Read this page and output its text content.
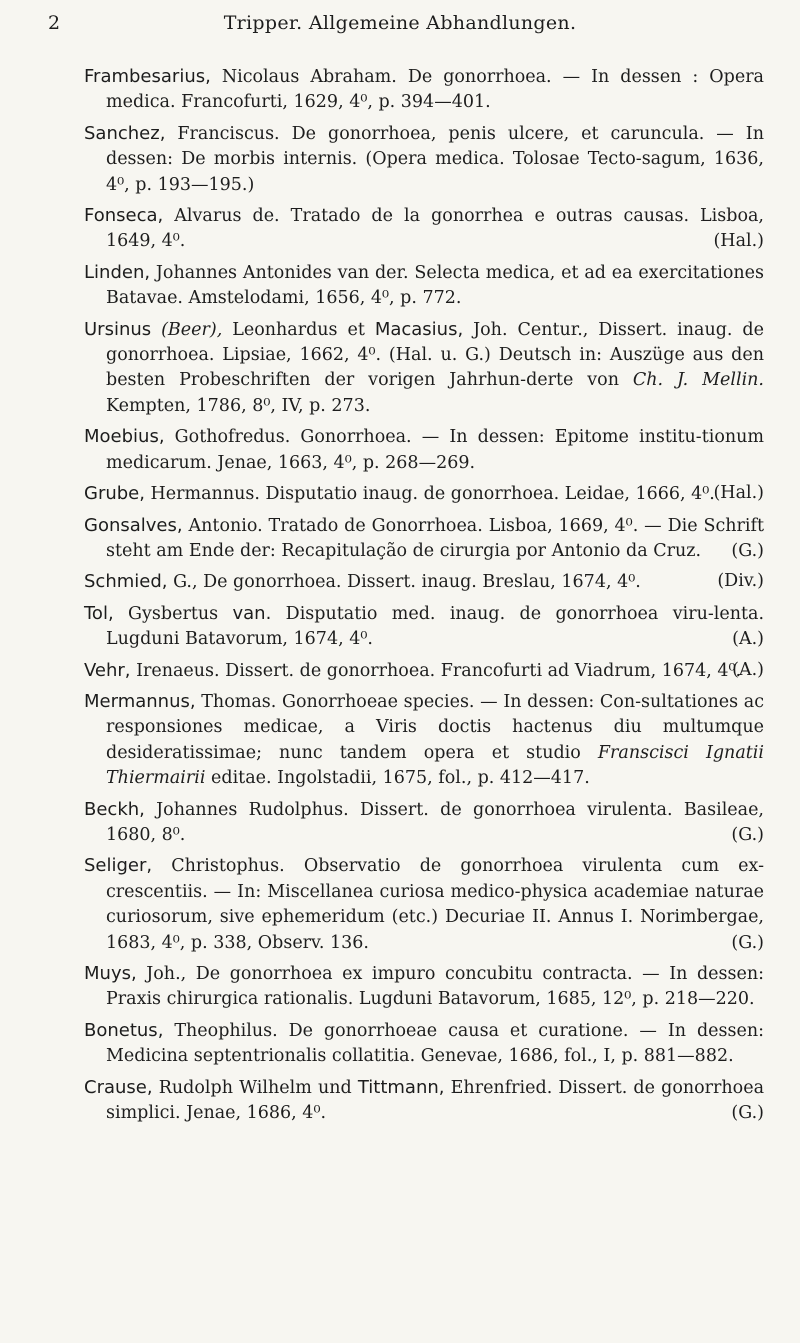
2	Tripper. Allgemeine Abhandlungen.

Frambesarius, Nicolaus Abraham. De gonorrhoea. — In dessen : Opera medica. Francofurti, 1629, 4⁰, p. 394—401.

Sanchez, Franciscus. De gonorrhoea, penis ulcere, et caruncula. — In dessen: De morbis internis. (Opera medica. Tolosae Tecto-sagum, 1636, 4⁰, p. 193—195.)

Fonseca, Alvarus de. Tratado de la gonorrhea e outras causas. Lisboa, 1649, 4⁰.	(Hal.)

Linden, Johannes Antonides van der. Selecta medica, et ad ea exercitationes Batavae. Amstelodami, 1656, 4⁰, p. 772.

Ursinus (Beer), Leonhardus et Macasius, Joh. Centur., Dissert. inaug. de gonorrhoea. Lipsiae, 1662, 4⁰. (Hal. u. G.) Deutsch in: Auszüge aus den besten Probeschriften der vorigen Jahrhun-derte von Ch. J. Mellin. Kempten, 1786, 8⁰, IV, p. 273.

Moebius, Gothofredus. Gonorrhoea. — In dessen: Epitome institu-tionum medicarum. Jenae, 1663, 4⁰, p. 268—269.

Grube, Hermannus. Disputatio inaug. de gonorrhoea. Leidae, 1666, 4⁰.
(Hal.)

Gonsalves, Antonio. Tratado de Gonorrhoea. Lisboa, 1669, 4⁰. — Die Schrift steht am Ende der: Recapitulação de cirurgia por Antonio da Cruz. (G.)

Schmied, G., De gonorrhoea. Dissert. inaug. Breslau, 1674, 4⁰.	(Div.)

Tol, Gysbertus van. Disputatio med. inaug. de gonorrhoea viru-lenta. Lugduni Batavorum, 1674, 4⁰.	(A.)

Vehr, Irenaeus. Dissert. de gonorrhoea. Francofurti ad Viadrum, 1674, 4⁰.
(A.)

Mermannus, Thomas. Gonorrhoeae species. — In dessen: Con-sultationes ac responsiones medicae, a Viris doctis hactenus diu multumque desideratissimae; nunc tandem opera et studio Franscisci Ignatii Thiermairii editae. Ingolstadii, 1675, fol., p. 412—417.

Beckh, Johannes Rudolphus. Dissert. de gonorrhoea virulenta. Basileae, 1680, 8⁰.	(G.)

Seliger, Christophus. Observatio de gonorrhoea virulenta cum ex-crescentiis. — In: Miscellanea curiosa medico-physica academiae naturae curiosorum, sive ephemeridum (etc.) Decuriae II. Annus I. Norimbergae, 1683, 4⁰, p. 338, Observ. 136.	(G.)

Muys, Joh., De gonorrhoea ex impuro concubitu contracta. — In dessen: Praxis chirurgica rationalis. Lugduni Batavorum, 1685, 12⁰, p. 218—220.

Bonetus, Theophilus. De gonorrhoeae causa et curatione. — In dessen: Medicina septentrionalis collatitia. Genevae, 1686, fol., I, p. 881—882.

Crause, Rudolph Wilhelm und Tittmann, Ehrenfried. Dissert. de gonorrhoea simplici. Jenae, 1686, 4⁰.	(G.)
